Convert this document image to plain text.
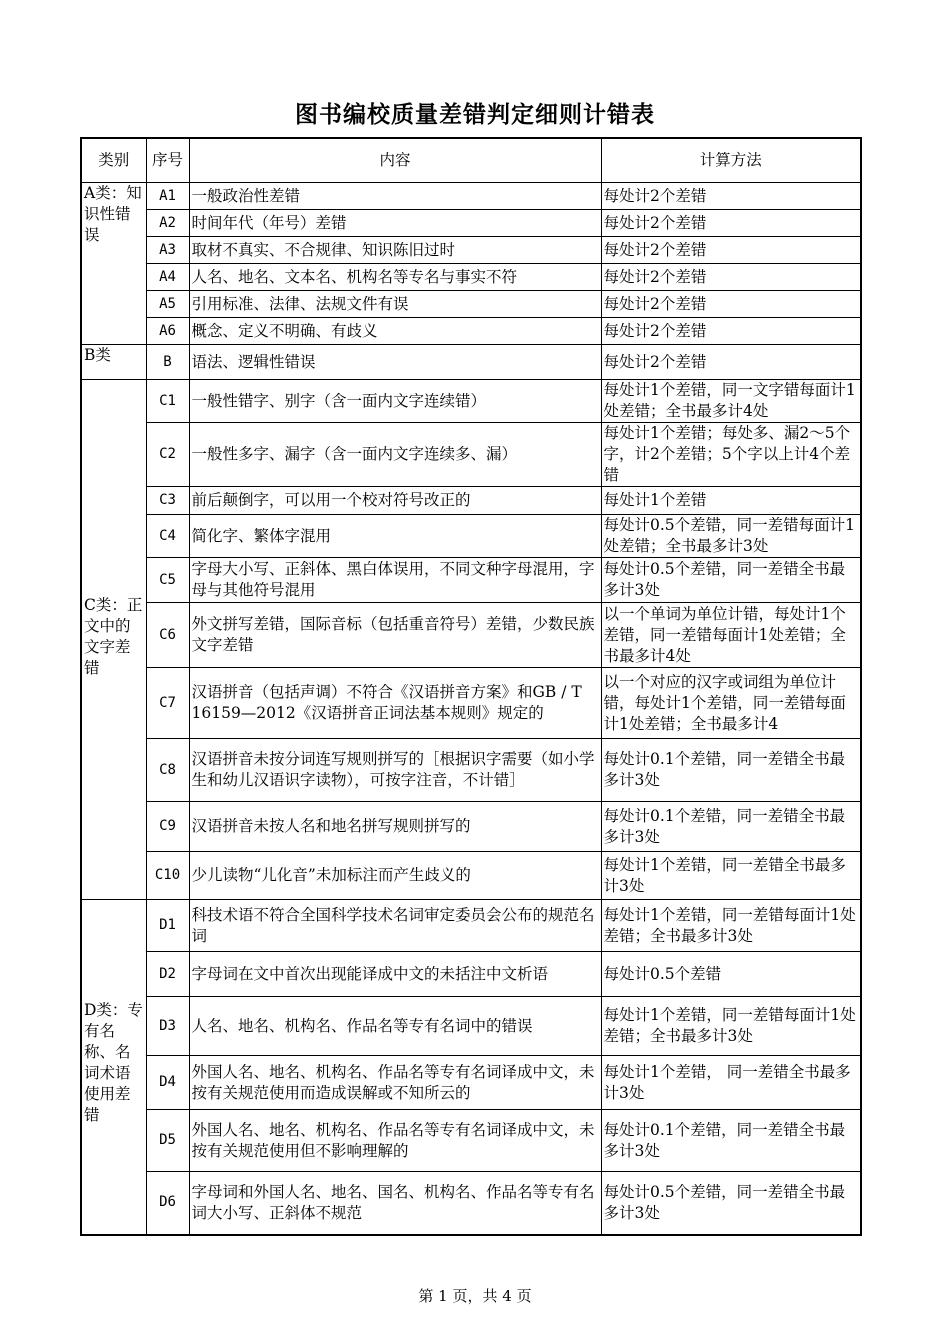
图书编校质量差错判定细则计错表
类别	序号	内容	计算方法
A类：知识性错误	A1	一般政治性差错	每处计2个差错
	A2	时间年代（年号）差错	每处计2个差错
	A3	取材不真实、不合规律、知识陈旧过时	每处计2个差错
	A4	人名、地名、文本名、机构名等专名与事实不符	每处计2个差错
	A5	引用标准、法律、法规文件有误	每处计2个差错
	A6	概念、定义不明确、有歧义	每处计2个差错
B类	B	语法、逻辑性错误	每处计2个差错
C类：正文中的文字差错	C1	一般性错字、别字（含一面内文字连续错）	每处计1个差错，同一文字错每面计1处差错；全书最多计4处
	C2	一般性多字、漏字（含一面内文字连续多、漏）	每处计1个差错；每处多、漏2～5个字，计2个差错；5个字以上计4个差错
	C3	前后颠倒字，可以用一个校对符号改正的	每处计1个差错
	C4	简化字、繁体字混用	每处计0.5个差错，同一差错每面计1处差错；全书最多计3处
	C5	字母大小写、正斜体、黑白体误用，不同文种字母混用，字母与其他符号混用	每处计0.5个差错，同一差错全书最多计3处
	C6	外文拼写差错，国际音标（包括重音符号）差错，少数民族文字差错	以一个单词为单位计错，每处计1个差错，同一差错每面计1处差错；全书最多计4处
	C7	汉语拼音（包括声调）不符合《汉语拼音方案》和GB / T 16159—2012《汉语拼音正词法基本规则》规定的	以一个对应的汉字或词组为单位计错，每处计1个差错，同一差错每面计1处差错；全书最多计4
	C8	汉语拼音未按分词连写规则拼写的［根据识字需要（如小学生和幼儿汉语识字读物），可按字注音，不计错］	每处计0.1个差错，同一差错全书最多计3处
	C9	汉语拼音未按人名和地名拼写规则拼写的	每处计0.1个差错，同一差错全书最多计3处
	C10	少儿读物“儿化音”未加标注而产生歧义的	每处计1个差错，同一差错全书最多计3处
D类：专有名称、名词术语使用差错	D1	科技术语不符合全国科学技术名词审定委员会公布的规范名词	每处计1个差错，同一差错每面计1处差错；全书最多计3处
	D2	字母词在文中首次出现能译成中文的未括注中文析语	每处计0.5个差错
	D3	人名、地名、机构名、作品名等专有名词中的错误	每处计1个差错，同一差错每面计1处差错；全书最多计3处
	D4	外国人名、地名、机构名、作品名等专有名词译成中文，未按有关规范使用而造成误解或不知所云的	每处计1个差错， 同一差错全书最多计3处
	D5	外国人名、地名、机构名、作品名等专有名词译成中文，未按有关规范使用但不影响理解的	每处计0.1个差错，同一差错全书最多计3处
	D6	字母词和外国人名、地名、国名、机构名、作品名等专有名词大小写、正斜体不规范	每处计0.5个差错，同一差错全书最多计3处
第 1 页，共 4 页
